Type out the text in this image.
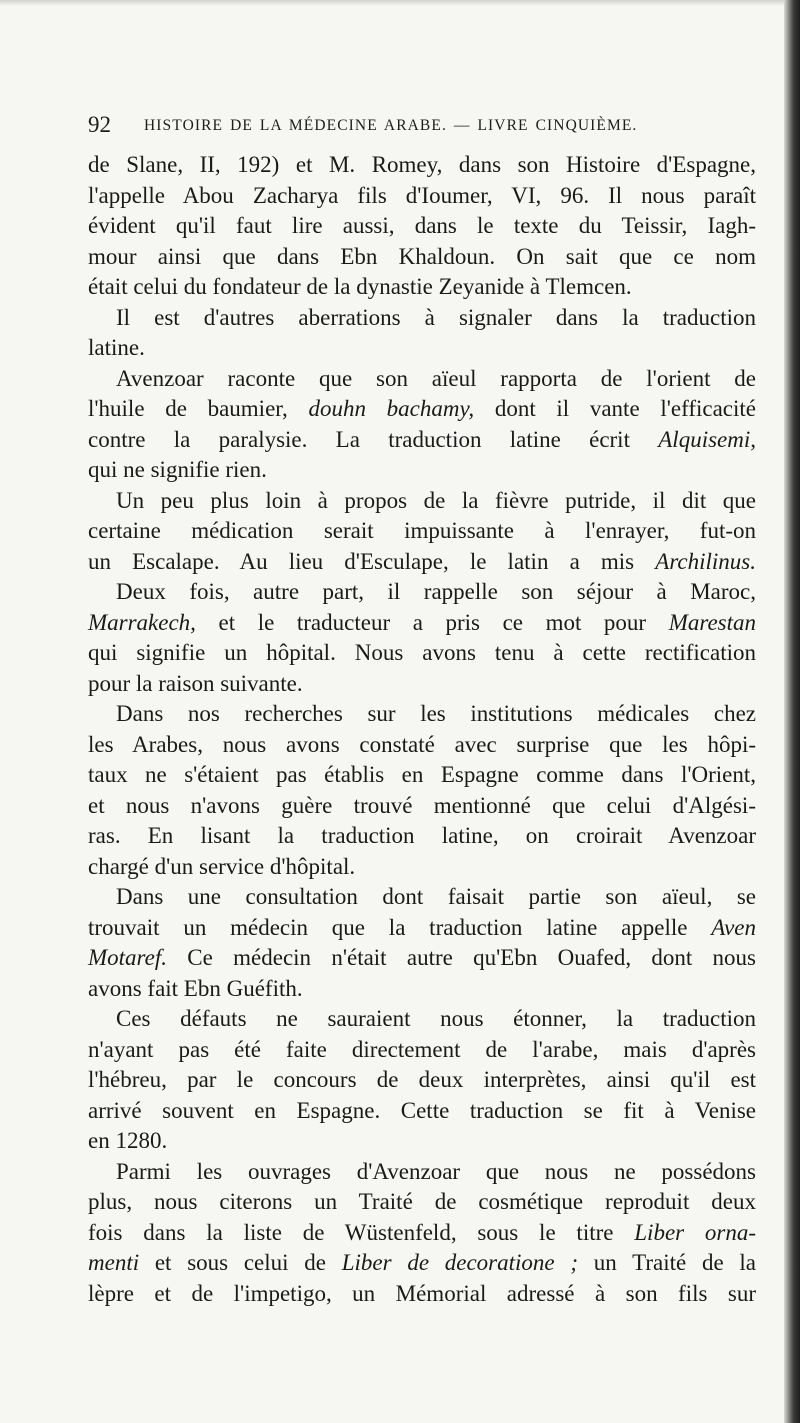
92 HISTOIRE DE LA MÉDECINE ARABE. — LIVRE CINQUIÈME.
de Slane, II, 192) et M. Romey, dans son Histoire d'Espagne,
l'appelle Abou Zacharya fils d'Ioumer, VI, 96. Il nous paraît
évident qu'il faut lire aussi, dans le texte du Teissir, Iagh-
mour ainsi que dans Ebn Khaldoun. On sait que ce nom
était celui du fondateur de la dynastie Zeyanide à Tlemcen.
Il est d'autres aberrations à signaler dans la traduction
latine.
Avenzoar raconte que son aïeul rapporta de l'orient de
l'huile de baumier, douhn bachamy, dont il vante l'efficacité
contre la paralysie. La traduction latine écrit Alquisemi,
qui ne signifie rien.
Un peu plus loin à propos de la fièvre putride, il dit que
certaine médication serait impuissante à l'enrayer, fut-on
un Escalape. Au lieu d'Esculape, le latin a mis Archilinus.
Deux fois, autre part, il rappelle son séjour à Maroc,
Marrakech, et le traducteur a pris ce mot pour Marestan
qui signifie un hôpital. Nous avons tenu à cette rectification
pour la raison suivante.
Dans nos recherches sur les institutions médicales chez
les Arabes, nous avons constaté avec surprise que les hôpi-
taux ne s'étaient pas établis en Espagne comme dans l'Orient,
et nous n'avons guère trouvé mentionné que celui d'Algési-
ras. En lisant la traduction latine, on croirait Avenzoar
chargé d'un service d'hôpital.
Dans une consultation dont faisait partie son aïeul, se
trouvait un médecin que la traduction latine appelle Aven
Motaref. Ce médecin n'était autre qu'Ebn Ouafed, dont nous
avons fait Ebn Guéfith.
Ces défauts ne sauraient nous étonner, la traduction
n'ayant pas été faite directement de l'arabe, mais d'après
l'hébreu, par le concours de deux interprètes, ainsi qu'il est
arrivé souvent en Espagne. Cette traduction se fit à Venise
en 1280.
Parmi les ouvrages d'Avenzoar que nous ne possédons
plus, nous citerons un Traité de cosmétique reproduit deux
fois dans la liste de Wüstenfeld, sous le titre Liber orna-
menti et sous celui de Liber de decoratione ; un Traité de la
lèpre et de l'impetigo, un Mémorial adressé à son fils sur
